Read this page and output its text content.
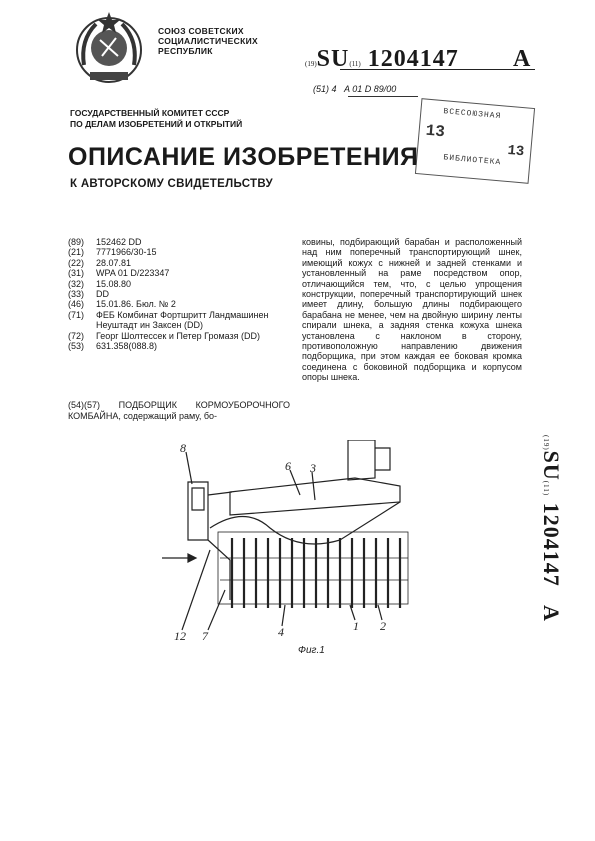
СОЮЗ СОВЕТСКИХ
СОЦИАЛИСТИЧЕСКИХ
РЕСПУБЛИК
(19)SU(11) 1204147 A
(51) 4 A 01 D 89/00
ГОСУДАРСТВЕННЫЙ КОМИТЕТ СССР
ПО ДЕЛАМ ИЗОБРЕТЕНИЙ И ОТКРЫТИЙ
ВСЕСОЮЗНАЯ
13
13
БИБЛИОТЕКА
ОПИСАНИЕ ИЗОБРЕТЕНИЯ
К АВТОРСКОМУ СВИДЕТЕЛЬСТВУ
(89)	152462 DD
(21)	7771966/30-15
(22)	28.07.81
(31)	WPA 01 D/223347
(32)	15.08.80
(33)	DD
(46)	15.01.86. Бюл. № 2
(71)	ФЕБ Комбинат Фортшритт Ландмашинен Неуштадт ин Заксен (DD)
(72)	Георг Шолтессек и Петер Громазя (DD)
(53)	631.358(088.8)
(54)(57) ПОДБОРЩИК КОРМОУБОРОЧНОГО КОМБАЙНА, содержащий раму, бо-
ковины, подбирающий барабан и расположенный над ним поперечный транспортирующий шнек, имеющий кожух с нижней и задней стенками и установленный на раме посредством опор, отличающийся тем, что, с целью упрощения конструкции, поперечный транспортирующий шнек имеет длину, большую длины подбирающего барабана не менее, чем на двойную ширину ленты спирали шнека, а задняя стенка кожуха шнека установлена с наклоном в сторону, противоположную направлению движения подборщика, при этом каждая ее боковая кромка соединена с боковиной подборщика и корпусом опоры шнека.
(19)SU(11) 1204147   A
8
6 3
12 7	4	1 2
Фиг.1
